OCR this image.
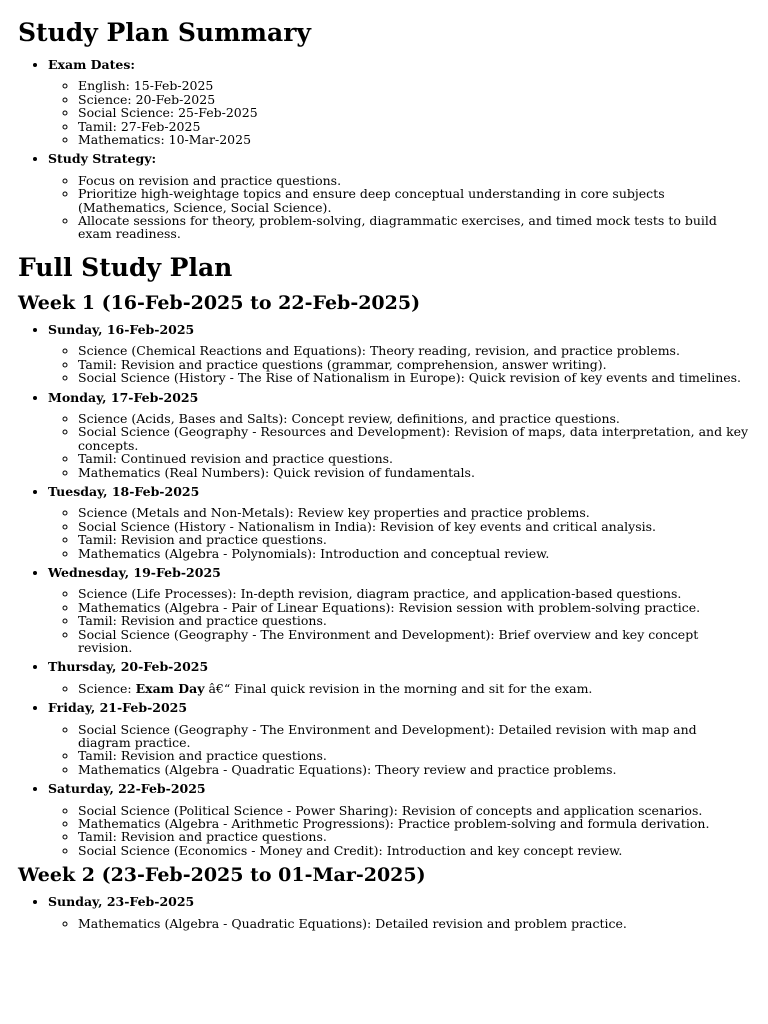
Study Plan Summary
• Exam Dates:
◦ English: 15-Feb-2025
◦ Science: 20-Feb-2025
◦ Social Science: 25-Feb-2025
◦ Tamil: 27-Feb-2025
◦ Mathematics: 10-Mar-2025
• Study Strategy:
◦ Focus on revision and practice questions.
◦ Prioritize high-weightage topics and ensure deep conceptual understanding in core subjects (Mathematics, Science, Social Science).
◦ Allocate sessions for theory, problem-solving, diagrammatic exercises, and timed mock tests to build exam readiness.
Full Study Plan
Week 1 (16-Feb-2025 to 22-Feb-2025)
• Sunday, 16-Feb-2025
◦ Science (Chemical Reactions and Equations): Theory reading, revision, and practice problems.
◦ Tamil: Revision and practice questions (grammar, comprehension, answer writing).
◦ Social Science (History - The Rise of Nationalism in Europe): Quick revision of key events and timelines.
• Monday, 17-Feb-2025
◦ Science (Acids, Bases and Salts): Concept review, definitions, and practice questions.
◦ Social Science (Geography - Resources and Development): Revision of maps, data interpretation, and key concepts.
◦ Tamil: Continued revision and practice questions.
◦ Mathematics (Real Numbers): Quick revision of fundamentals.
• Tuesday, 18-Feb-2025
◦ Science (Metals and Non-Metals): Review key properties and practice problems.
◦ Social Science (History - Nationalism in India): Revision of key events and critical analysis.
◦ Tamil: Revision and practice questions.
◦ Mathematics (Algebra - Polynomials): Introduction and conceptual review.
• Wednesday, 19-Feb-2025
◦ Science (Life Processes): In-depth revision, diagram practice, and application-based questions.
◦ Mathematics (Algebra - Pair of Linear Equations): Revision session with problem-solving practice.
◦ Tamil: Revision and practice questions.
◦ Social Science (Geography - The Environment and Development): Brief overview and key concept revision.
• Thursday, 20-Feb-2025
◦ Science: Exam Day â€“ Final quick revision in the morning and sit for the exam.
• Friday, 21-Feb-2025
◦ Social Science (Geography - The Environment and Development): Detailed revision with map and diagram practice.
◦ Tamil: Revision and practice questions.
◦ Mathematics (Algebra - Quadratic Equations): Theory review and practice problems.
• Saturday, 22-Feb-2025
◦ Social Science (Political Science - Power Sharing): Revision of concepts and application scenarios.
◦ Mathematics (Algebra - Arithmetic Progressions): Practice problem-solving and formula derivation.
◦ Tamil: Revision and practice questions.
◦ Social Science (Economics - Money and Credit): Introduction and key concept review.
Week 2 (23-Feb-2025 to 01-Mar-2025)
• Sunday, 23-Feb-2025
◦ Mathematics (Algebra - Quadratic Equations): Detailed revision and problem practice.
